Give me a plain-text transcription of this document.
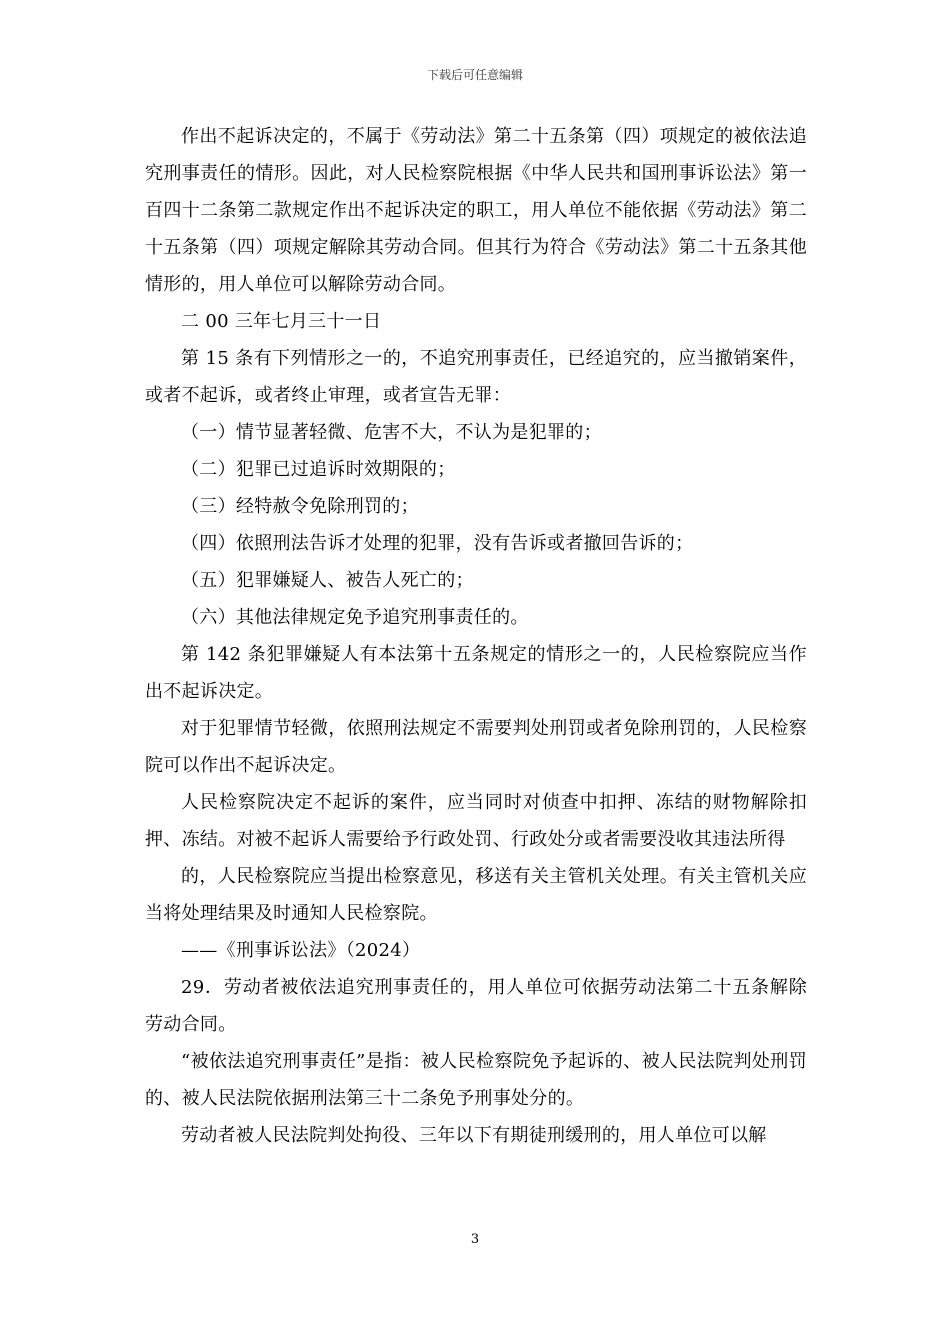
下载后可任意编辑

作出不起诉决定的，不属于《劳动法》第二十五条第（四）项规定的被依法追究刑事责任的情形。因此，对人民检察院根据《中华人民共和国刑事诉讼法》第一百四十二条第二款规定作出不起诉决定的职工，用人单位不能依据《劳动法》第二十五条第（四）项规定解除其劳动合同。但其行为符合《劳动法》第二十五条其他情形的，用人单位可以解除劳动合同。

二 00 三年七月三十一日

第 15 条有下列情形之一的，不追究刑事责任，已经追究的，应当撤销案件，或者不起诉，或者终止审理，或者宣告无罪：

（一）情节显著轻微、危害不大，不认为是犯罪的；

（二）犯罪已过追诉时效期限的；

（三）经特赦令免除刑罚的；

（四）依照刑法告诉才处理的犯罪，没有告诉或者撤回告诉的；

（五）犯罪嫌疑人、被告人死亡的；

（六）其他法律规定免予追究刑事责任的。

第 142 条犯罪嫌疑人有本法第十五条规定的情形之一的，人民检察院应当作出不起诉决定。

对于犯罪情节轻微，依照刑法规定不需要判处刑罚或者免除刑罚的，人民检察院可以作出不起诉决定。

人民检察院决定不起诉的案件，应当同时对侦查中扣押、冻结的财物解除扣押、冻结。对被不起诉人需要给予行政处罚、行政处分或者需要没收其违法所得

的，人民检察院应当提出检察意见，移送有关主管机关处理。有关主管机关应当将处理结果及时通知人民检察院。

——《刑事诉讼法》（2024）

29．劳动者被依法追究刑事责任的，用人单位可依据劳动法第二十五条解除劳动合同。

“被依法追究刑事责任”是指：被人民检察院免予起诉的、被人民法院判处刑罚的、被人民法院依据刑法第三十二条免予刑事处分的。

劳动者被人民法院判处拘役、三年以下有期徒刑缓刑的，用人单位可以解

3
